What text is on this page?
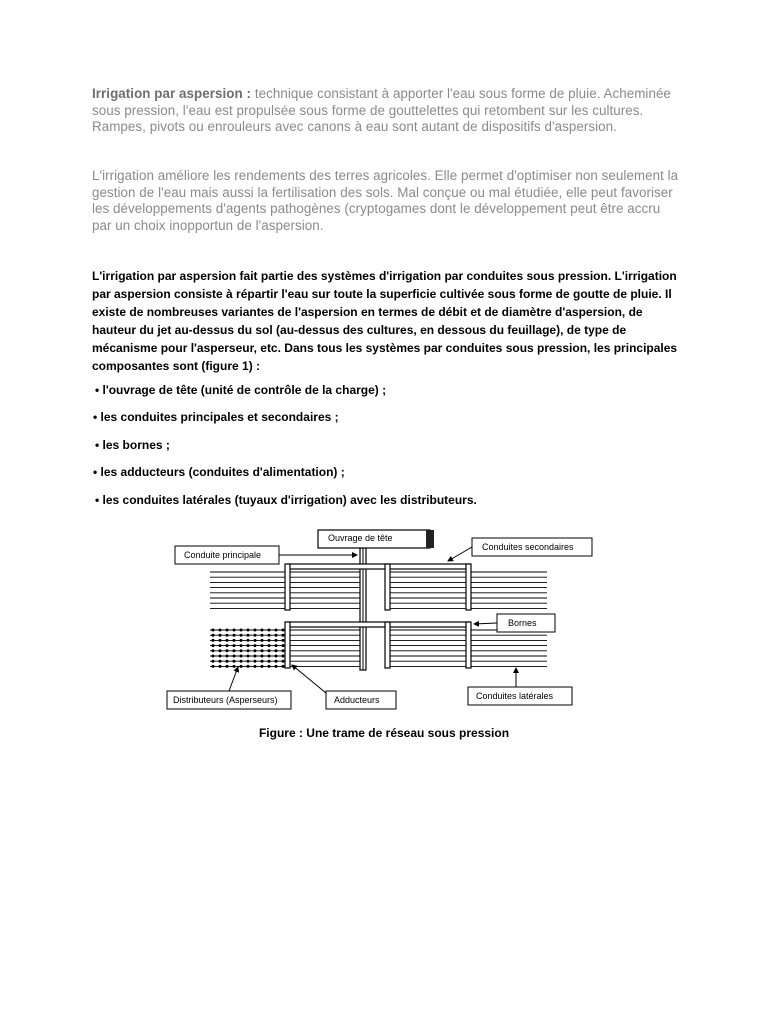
Irrigation par aspersion : technique consistant à apporter l'eau sous forme de pluie. Acheminée sous pression, l'eau est propulsée sous forme de gouttelettes qui retombent sur les cultures. Rampes, pivots ou enrouleurs avec canons à eau sont autant de dispositifs d'aspersion.

L'irrigation améliore les rendements des terres agricoles. Elle permet d'optimiser non seulement la gestion de l'eau mais aussi la fertilisation des sols. Mal conçue ou mal étudiée, elle peut favoriser les développements d'agents pathogènes (cryptogames dont le développement peut être accru par un choix inopportun de l'aspersion.

L'irrigation par aspersion fait partie des systèmes d'irrigation par conduites sous pression. L'irrigation par aspersion consiste à répartir l'eau sur toute la superficie cultivée sous forme de goutte de pluie. Il existe de nombreuses variantes de l'aspersion en termes de débit et de diamètre d'aspersion, de hauteur du jet au-dessus du sol (au-dessus des cultures, en dessous du feuillage), de type de mécanisme pour l'asperseur, etc. Dans tous les systèmes par conduites sous pression, les principales composantes sont (figure 1) :

• l'ouvrage de tête (unité de contrôle de la charge) ;

• les conduites principales et secondaires ;

• les bornes ;

• les adducteurs (conduites d'alimentation) ;

• les conduites latérales (tuyaux d'irrigation) avec les distributeurs.

Ouvrage de tête
Conduite principale
Conduites secondaires
Bornes
Distributeurs (Asperseurs)	Adducteurs	Conduites latérales

Figure : Une trame de réseau sous pression
